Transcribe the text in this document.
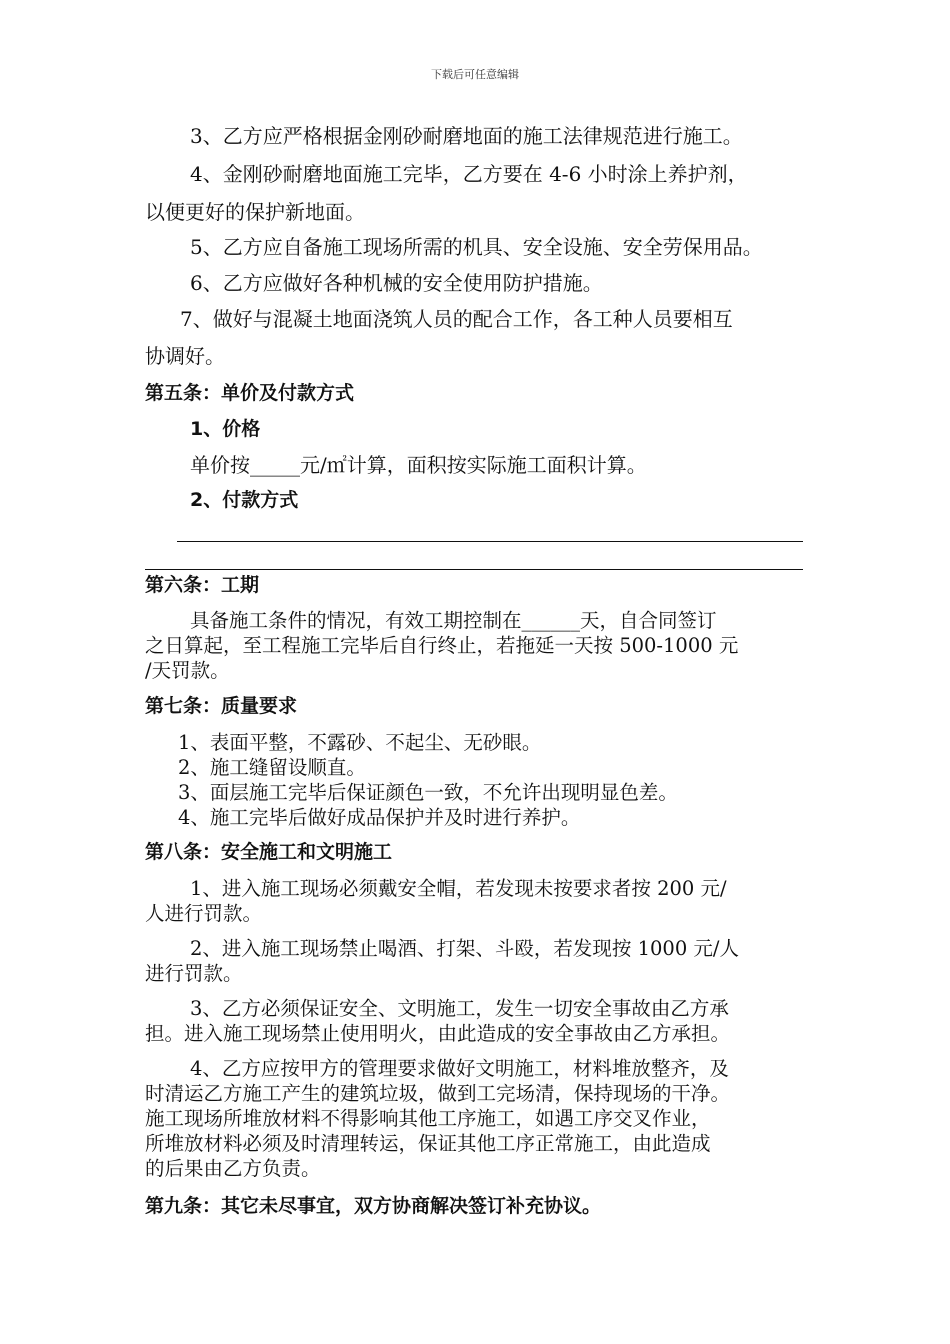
下载后可任意编辑
3、乙方应严格根据金刚砂耐磨地面的施工法律规范进行施工。
4、金刚砂耐磨地面施工完毕，乙方要在 4-6 小时涂上养护剂，
以便更好的保护新地面。
5、乙方应自备施工现场所需的机具、安全设施、安全劳保用品。
6、乙方应做好各种机械的安全使用防护措施。
7、做好与混凝土地面浇筑人员的配合工作，各工种人员要相互
协调好。
第五条：单价及付款方式
1、价格
单价按_____元/㎡计算，面积按实际施工面积计算。
2、付款方式
第六条：工期
具备施工条件的情况，有效工期控制在______天，自合同签订
之日算起，至工程施工完毕后自行终止，若拖延一天按 500-1000 元
/天罚款。
第七条：质量要求
1、表面平整，不露砂、不起尘、无砂眼。
2、施工缝留设顺直。
3、面层施工完毕后保证颜色一致，不允许出现明显色差。
4、施工完毕后做好成品保护并及时进行养护。
第八条：安全施工和文明施工
1、进入施工现场必须戴安全帽，若发现未按要求者按 200 元/
人进行罚款。
2、进入施工现场禁止喝酒、打架、斗殴，若发现按 1000 元/人
进行罚款。
3、乙方必须保证安全、文明施工，发生一切安全事故由乙方承
担。进入施工现场禁止使用明火，由此造成的安全事故由乙方承担。
4、乙方应按甲方的管理要求做好文明施工，材料堆放整齐，及
时清运乙方施工产生的建筑垃圾，做到工完场清，保持现场的干净。
施工现场所堆放材料不得影响其他工序施工，如遇工序交叉作业，
所堆放材料必须及时清理转运，保证其他工序正常施工，由此造成
的后果由乙方负责。
第九条：其它未尽事宜，双方协商解决签订补充协议。
